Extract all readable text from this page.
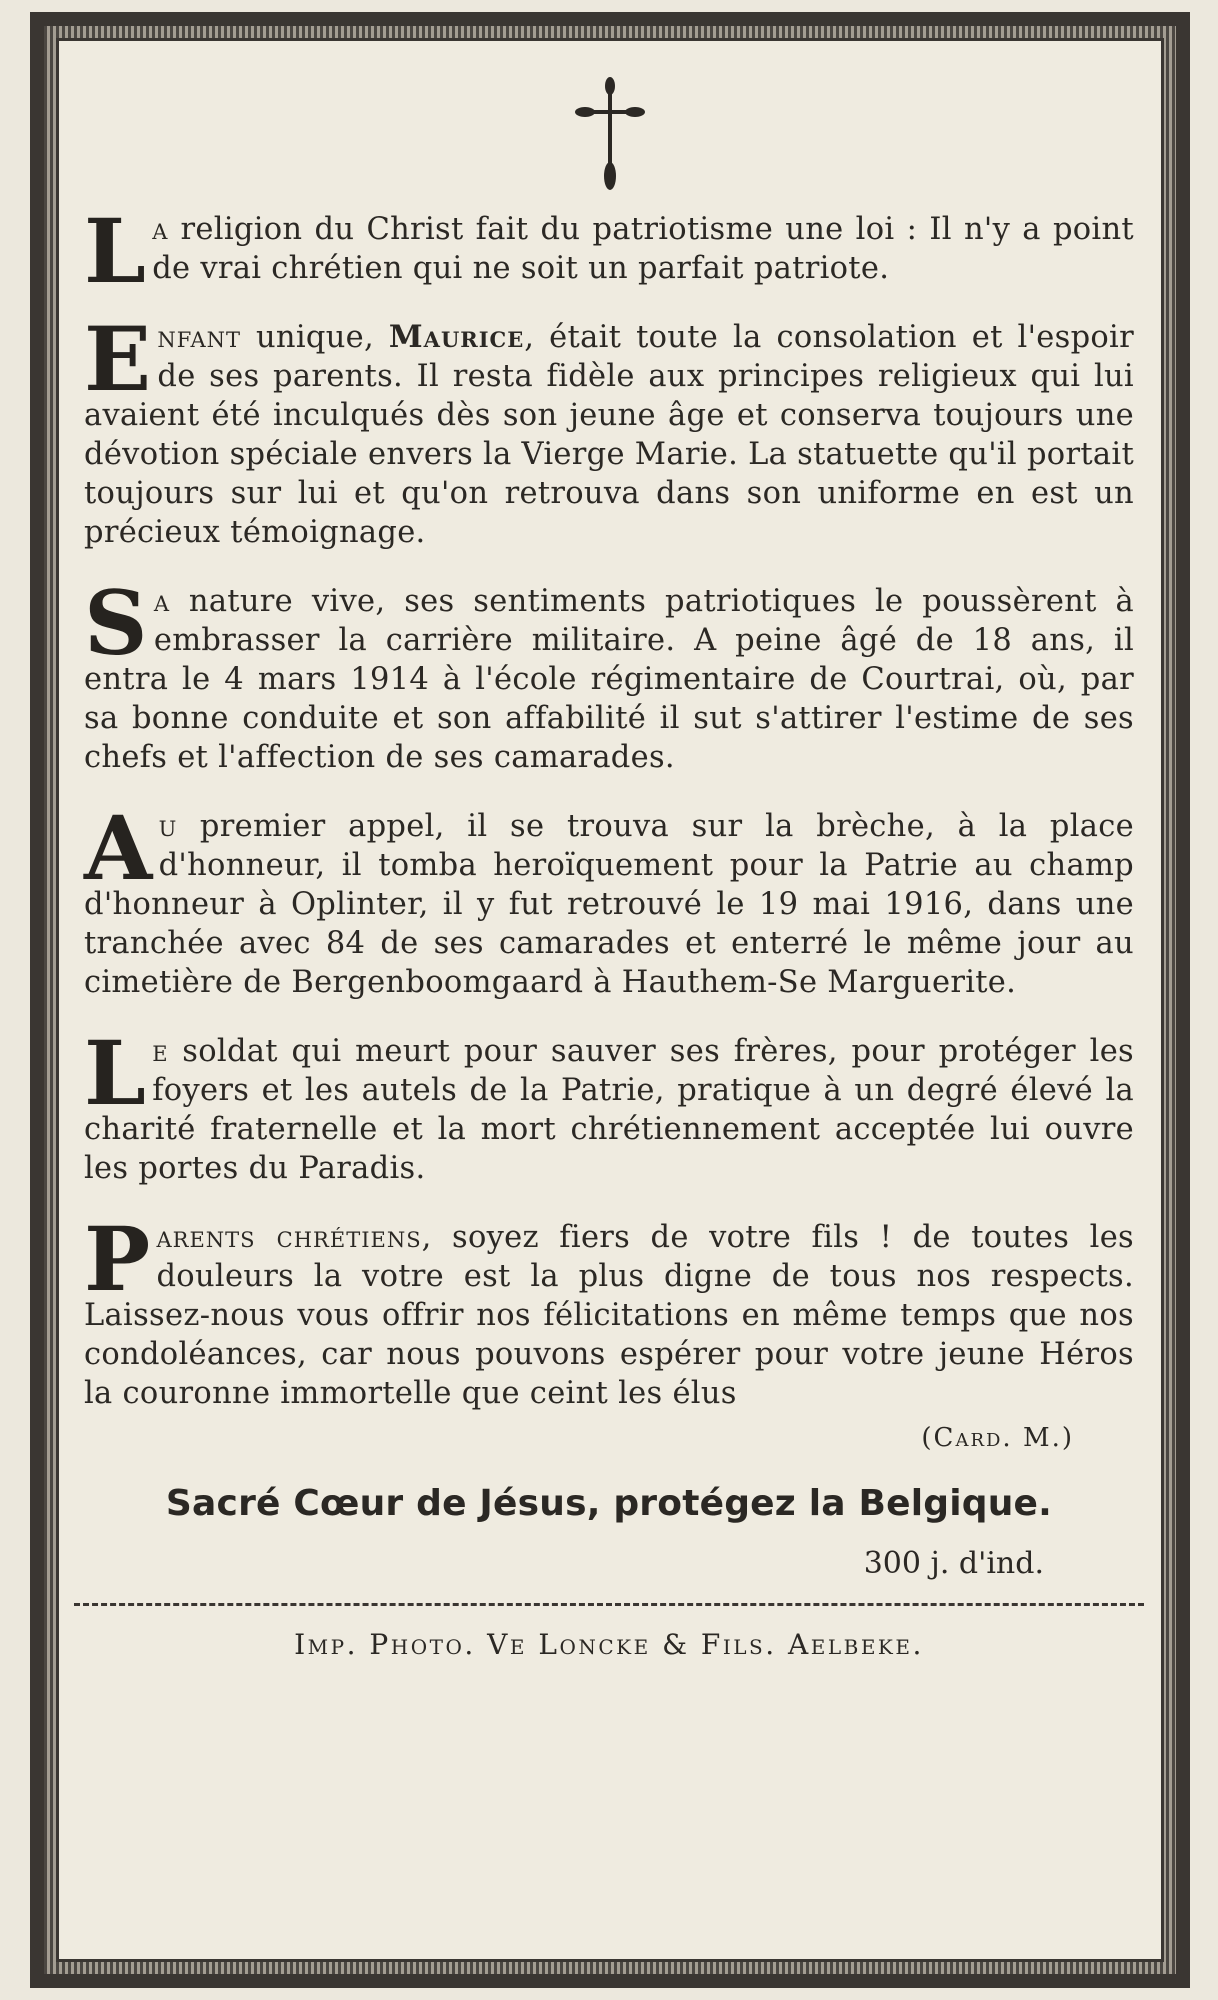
La religion du Christ fait du patriotisme une loi : Il n'y a point de vrai chrétien qui ne soit un parfait patriote.

Enfant unique, Maurice, était toute la consolation et l'espoir de ses parents. Il resta fidèle aux principes religieux qui lui avaient été inculqués dès son jeune âge et conserva toujours une dévotion spéciale envers la Vierge Marie. La statuette qu'il portait toujours sur lui et qu'on retrouva dans son uniforme en est un précieux témoignage.

Sa nature vive, ses sentiments patriotiques le poussèrent à embrasser la carrière militaire. A peine âgé de 18 ans, il entra le 4 mars 1914 à l'école régimentaire de Courtrai, où, par sa bonne conduite et son affabilité il sut s'attirer l'estime de ses chefs et l'affection de ses camarades.

Au premier appel, il se trouva sur la brèche, à la place d'honneur, il tomba heroïquement pour la Patrie au champ d'honneur à Oplinter, il y fut retrouvé le 19 mai 1916, dans une tranchée avec 84 de ses camarades et enterré le même jour au cimetière de Bergenboomgaard à Hauthem-Se Marguerite.

Le soldat qui meurt pour sauver ses frères, pour protéger les foyers et les autels de la Patrie, pratique à un degré élevé la charité fraternelle et la mort chrétiennement acceptée lui ouvre les portes du Paradis.

Parents chrétiens, soyez fiers de votre fils ! de toutes les douleurs la votre est la plus digne de tous nos respects. Laissez-nous vous offrir nos félicitations en même temps que nos condoléances, car nous pouvons espérer pour votre jeune Héros la couronne immortelle que ceint les élus

(Card. M.)
Sacré Cœur de Jésus, protégez la Belgique.
300 j. d'ind.
Imp. Photo. Ve Loncke & Fils. Aelbeke.
